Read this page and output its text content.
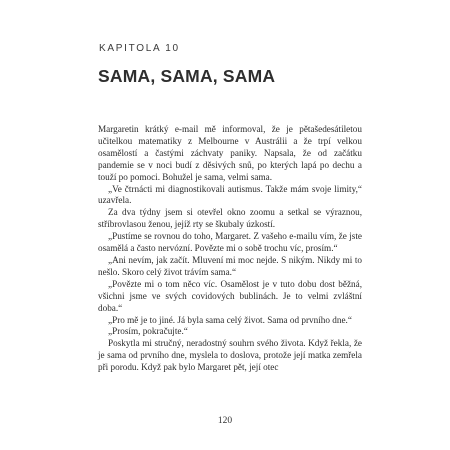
KAPITOLA 10
SAMA, SAMA, SAMA

Margaretin krátký e-mail mě informoval, že je pětašedesátiletou učitelkou matematiky z Melbourne v Austrálii a že trpí velkou osamělostí a častými záchvaty paniky. Napsala, že od začátku pandemie se v noci budí z děsivých snů, po kterých lapá po dechu a touží po pomoci. Bohužel je sama, velmi sama.

„Ve čtrnácti mi diagnostikovali autismus. Takže mám svoje limity,“ uzavřela.

Za dva týdny jsem si otevřel okno zoomu a setkal se výraznou, stříbrovlasou ženou, jejíž rty se škubaly úzkostí.

„Pustíme se rovnou do toho, Margaret. Z vašeho e-mailu vím, že jste osamělá a často nervózní. Povězte mi o sobě trochu víc, prosím.“

„Ani nevím, jak začít. Mluvení mi moc nejde. S nikým. Nikdy mi to nešlo. Skoro celý život trávím sama.“

„Povězte mi o tom něco víc. Osamělost je v tuto dobu dost běžná, všichni jsme ve svých covidových bublinách. Je to velmi zvláštní doba.“

„Pro mě je to jiné. Já byla sama celý život. Sama od prvního dne.“

„Prosím, pokračujte.“

Poskytla mi stručný, neradostný souhrn svého života. Když řekla, že je sama od prvního dne, myslela to doslova, protože její matka zemřela při porodu. Když pak bylo Margaret pět, její otec

120
